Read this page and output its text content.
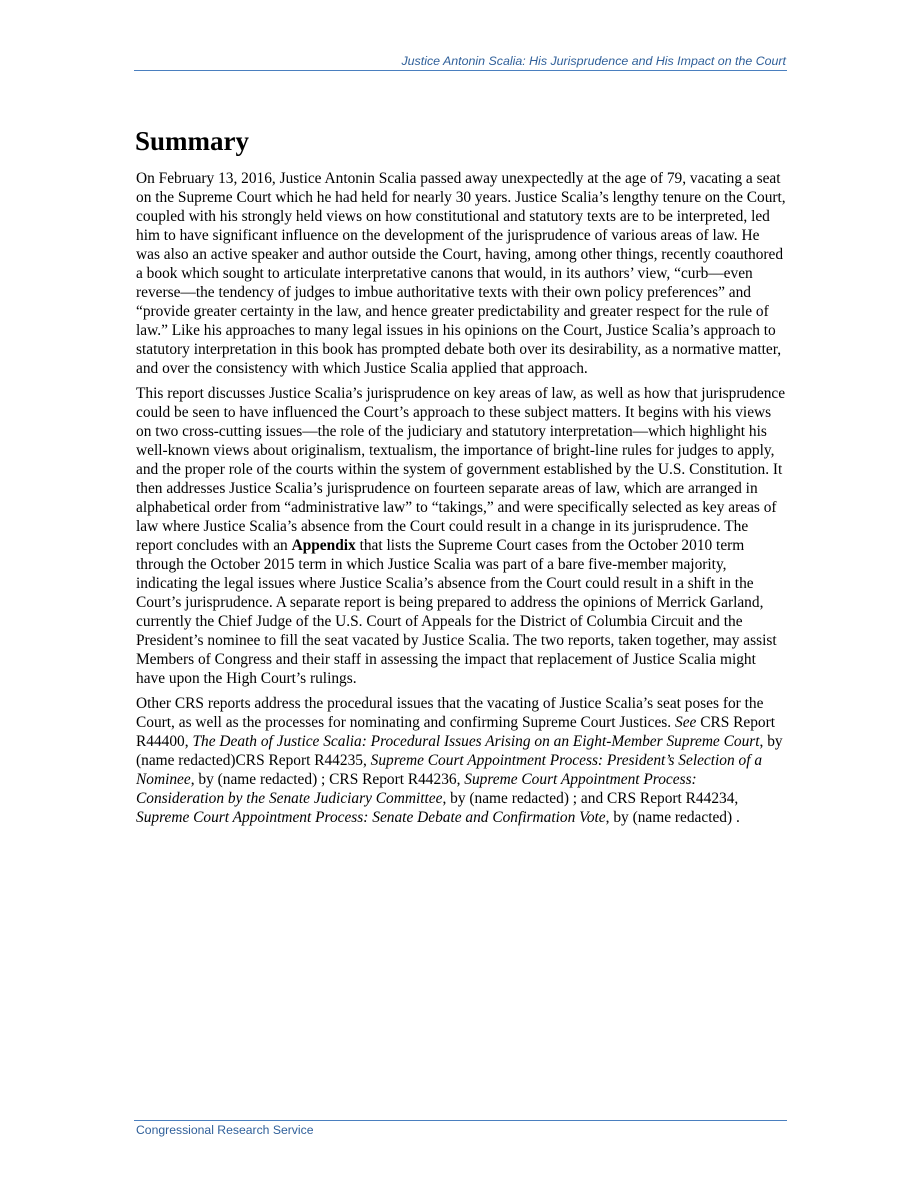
Justice Antonin Scalia: His Jurisprudence and His Impact on the Court
Summary

On February 13, 2016, Justice Antonin Scalia passed away unexpectedly at the age of 79, vacating a seat on the Supreme Court which he had held for nearly 30 years. Justice Scalia’s lengthy tenure on the Court, coupled with his strongly held views on how constitutional and statutory texts are to be interpreted, led him to have significant influence on the development of the jurisprudence of various areas of law. He was also an active speaker and author outside the Court, having, among other things, recently coauthored a book which sought to articulate interpretative canons that would, in its authors’ view, “curb—even reverse—the tendency of judges to imbue authoritative texts with their own policy preferences” and “provide greater certainty in the law, and hence greater predictability and greater respect for the rule of law.” Like his approaches to many legal issues in his opinions on the Court, Justice Scalia’s approach to statutory interpretation in this book has prompted debate both over its desirability, as a normative matter, and over the consistency with which Justice Scalia applied that approach.

This report discusses Justice Scalia’s jurisprudence on key areas of law, as well as how that jurisprudence could be seen to have influenced the Court’s approach to these subject matters. It begins with his views on two cross-cutting issues—the role of the judiciary and statutory interpretation—which highlight his well-known views about originalism, textualism, the importance of bright-line rules for judges to apply, and the proper role of the courts within the system of government established by the U.S. Constitution. It then addresses Justice Scalia’s jurisprudence on fourteen separate areas of law, which are arranged in alphabetical order from “administrative law” to “takings,” and were specifically selected as key areas of law where Justice Scalia’s absence from the Court could result in a change in its jurisprudence. The report concludes with an Appendix that lists the Supreme Court cases from the October 2010 term through the October 2015 term in which Justice Scalia was part of a bare five-member majority, indicating the legal issues where Justice Scalia’s absence from the Court could result in a shift in the Court’s jurisprudence. A separate report is being prepared to address the opinions of Merrick Garland, currently the Chief Judge of the U.S. Court of Appeals for the District of Columbia Circuit and the President’s nominee to fill the seat vacated by Justice Scalia. The two reports, taken together, may assist Members of Congress and their staff in assessing the impact that replacement of Justice Scalia might have upon the High Court’s rulings.

Other CRS reports address the procedural issues that the vacating of Justice Scalia’s seat poses for the Court, as well as the processes for nominating and confirming Supreme Court Justices. See CRS Report R44400, The Death of Justice Scalia: Procedural Issues Arising on an Eight-Member Supreme Court, by (name redacted)CRS Report R44235, Supreme Court Appointment Process: President’s Selection of a Nominee, by (name redacted) ; CRS Report R44236, Supreme Court Appointment Process: Consideration by the Senate Judiciary Committee, by (name redacted) ; and CRS Report R44234, Supreme Court Appointment Process: Senate Debate and Confirmation Vote, by (name redacted) .

Congressional Research Service
